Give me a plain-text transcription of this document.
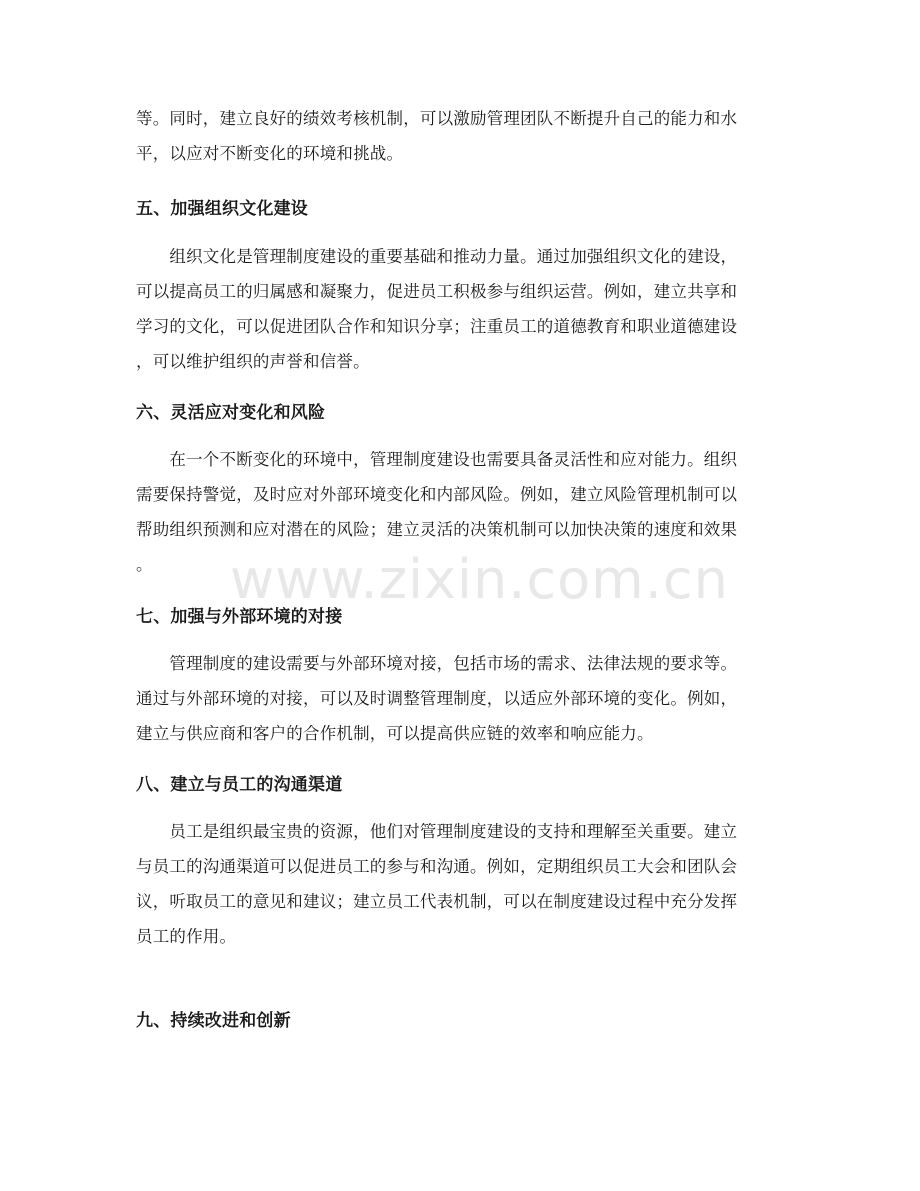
www.zixin.com.cn
等。同时，建立良好的绩效考核机制，可以激励管理团队不断提升自己的能力和水
平，以应对不断变化的环境和挑战。
五、加强组织文化建设
　　组织文化是管理制度建设的重要基础和推动力量。通过加强组织文化的建设，
可以提高员工的归属感和凝聚力，促进员工积极参与组织运营。例如，建立共享和
学习的文化，可以促进团队合作和知识分享；注重员工的道德教育和职业道德建设
，可以维护组织的声誉和信誉。
六、灵活应对变化和风险
　　在一个不断变化的环境中，管理制度建设也需要具备灵活性和应对能力。组织
需要保持警觉，及时应对外部环境变化和内部风险。例如，建立风险管理机制可以
帮助组织预测和应对潜在的风险；建立灵活的决策机制可以加快决策的速度和效果
。
七、加强与外部环境的对接
　　管理制度的建设需要与外部环境对接，包括市场的需求、法律法规的要求等。
通过与外部环境的对接，可以及时调整管理制度，以适应外部环境的变化。例如，
建立与供应商和客户的合作机制，可以提高供应链的效率和响应能力。
八、建立与员工的沟通渠道
　　员工是组织最宝贵的资源，他们对管理制度建设的支持和理解至关重要。建立
与员工的沟通渠道可以促进员工的参与和沟通。例如，定期组织员工大会和团队会
议，听取员工的意见和建议；建立员工代表机制，可以在制度建设过程中充分发挥
员工的作用。
九、持续改进和创新
